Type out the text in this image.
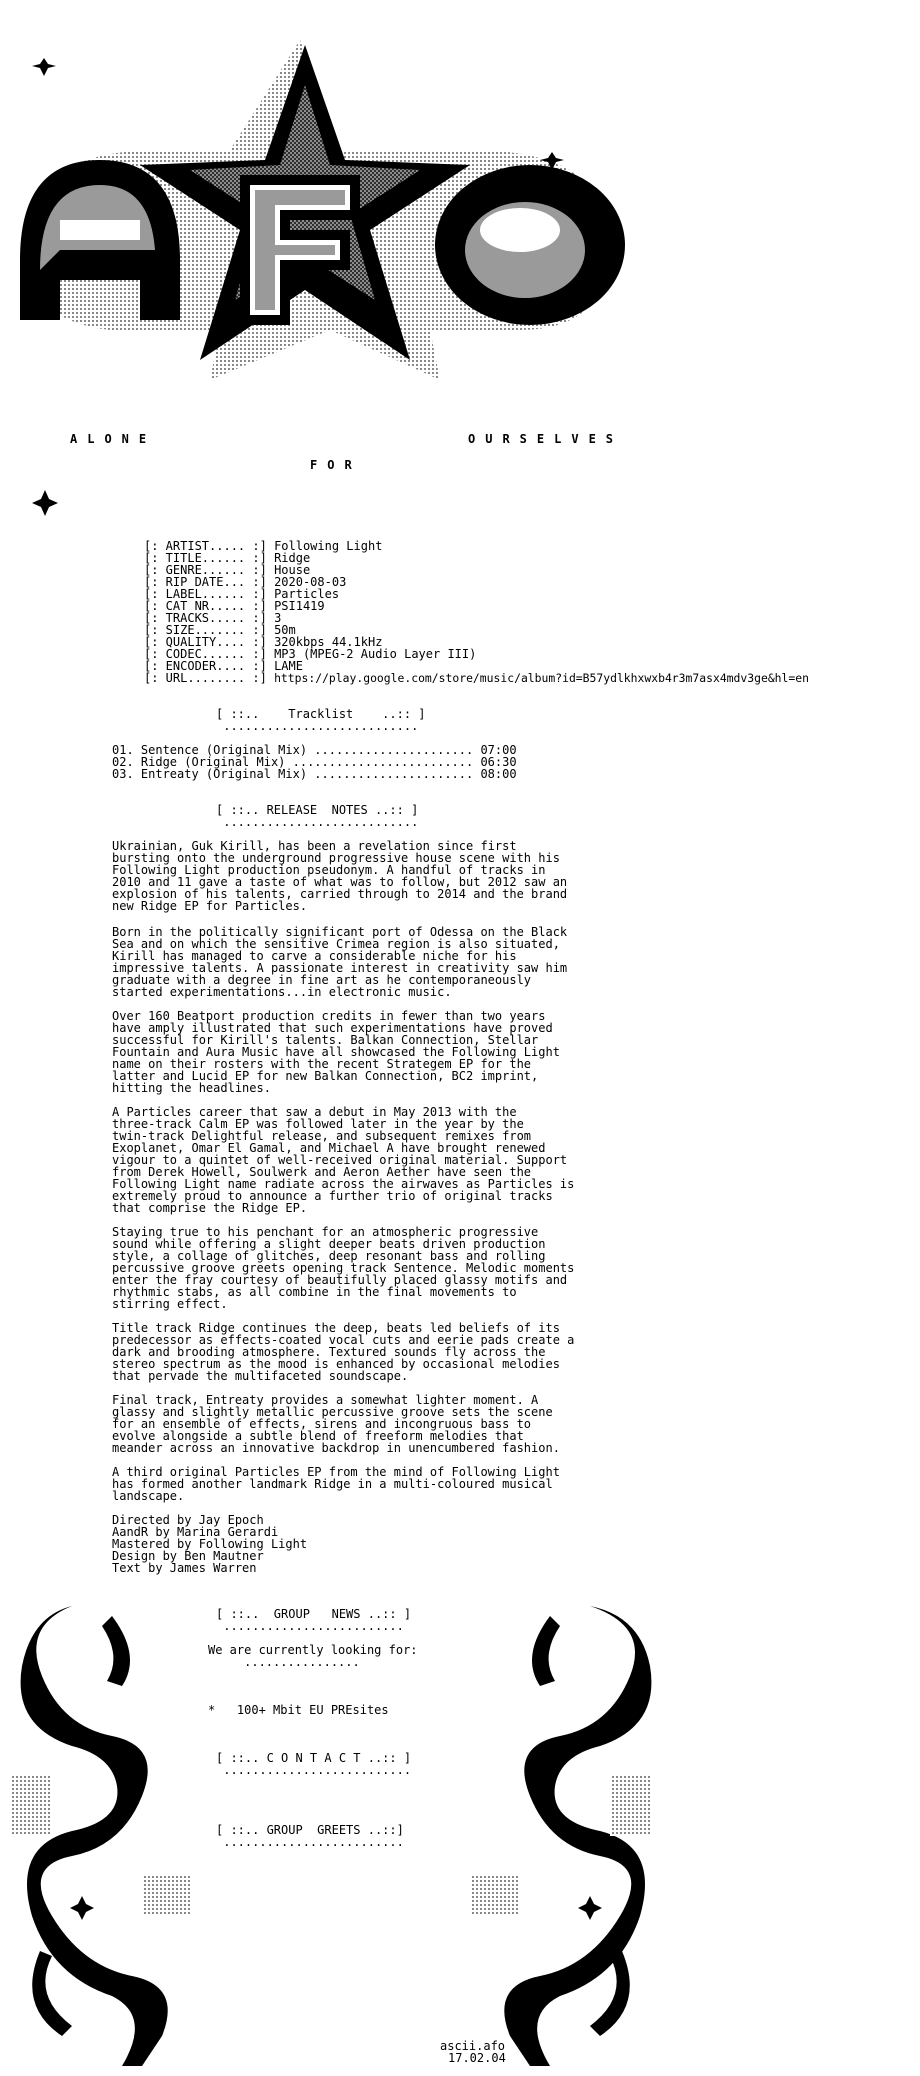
ALONE
FOR
OURSELVES
[: ARTIST..... :] Following Light
[: TITLE...... :] Ridge
[: GENRE...... :] House
[: RIP DATE... :] 2020-08-03
[: LABEL...... :] Particles
[: CAT NR..... :] PSI1419
[: TRACKS..... :] 3
[: SIZE....... :] 50m
[: QUALITY.... :] 320kbps 44.1kHz
[: CODEC...... :] MP3 (MPEG-2 Audio Layer III)
[: ENCODER.... :] LAME
[: URL........ :] https://play.google.com/store/music/album?id=B57ydlkhxwxb4r3m7asx4mdv3ge&hl=en
[ ::..    Tracklist    ..:: ]
...........................
01. Sentence (Original Mix) ...................... 07:00
02. Ridge (Original Mix) ......................... 06:30
03. Entreaty (Original Mix) ...................... 08:00
[ ::.. RELEASE  NOTES ..:: ]
...........................
Ukrainian, Guk Kirill, has been a revelation since first
bursting onto the underground progressive house scene with his
Following Light production pseudonym. A handful of tracks in
2010 and 11 gave a taste of what was to follow, but 2012 saw an
explosion of his talents, carried through to 2014 and the brand
new Ridge EP for Particles.
Born in the politically significant port of Odessa on the Black
Sea and on which the sensitive Crimea region is also situated,
Kirill has managed to carve a considerable niche for his
impressive talents. A passionate interest in creativity saw him
graduate with a degree in fine art as he contemporaneously
started experimentations...in electronic music.
Over 160 Beatport production credits in fewer than two years
have amply illustrated that such experimentations have proved
successful for Kirill's talents. Balkan Connection, Stellar
Fountain and Aura Music have all showcased the Following Light
name on their rosters with the recent Strategem EP for the
latter and Lucid EP for new Balkan Connection, BC2 imprint,
hitting the headlines.
A Particles career that saw a debut in May 2013 with the
three-track Calm EP was followed later in the year by the
twin-track Delightful release, and subsequent remixes from
Exoplanet, Omar El Gamal, and Michael A have brought renewed
vigour to a quintet of well-received original material. Support
from Derek Howell, Soulwerk and Aeron Aether have seen the
Following Light name radiate across the airwaves as Particles is
extremely proud to announce a further trio of original tracks
that comprise the Ridge EP.
Staying true to his penchant for an atmospheric progressive
sound while offering a slight deeper beats driven production
style, a collage of glitches, deep resonant bass and rolling
percussive groove greets opening track Sentence. Melodic moments
enter the fray courtesy of beautifully placed glassy motifs and
rhythmic stabs, as all combine in the final movements to
stirring effect.
Title track Ridge continues the deep, beats led beliefs of its
predecessor as effects-coated vocal cuts and eerie pads create a
dark and brooding atmosphere. Textured sounds fly across the
stereo spectrum as the mood is enhanced by occasional melodies
that pervade the multifaceted soundscape.
Final track, Entreaty provides a somewhat lighter moment. A
glassy and slightly metallic percussive groove sets the scene
for an ensemble of effects, sirens and incongruous bass to
evolve alongside a subtle blend of freeform melodies that
meander across an innovative backdrop in unencumbered fashion.
A third original Particles EP from the mind of Following Light
has formed another landmark Ridge in a multi-coloured musical
landscape.
Directed by Jay Epoch
AandR by Marina Gerardi
Mastered by Following Light
Design by Ben Mautner
Text by James Warren
[ ::..  GROUP   NEWS ..:: ]
.........................
We are currently looking for:
................
*   100+ Mbit EU PREsites
[ ::.. C O N T A C T ..:: ]
..........................
[ ::.. GROUP  GREETS ..::]
.........................
ascii.afo
17.02.04
